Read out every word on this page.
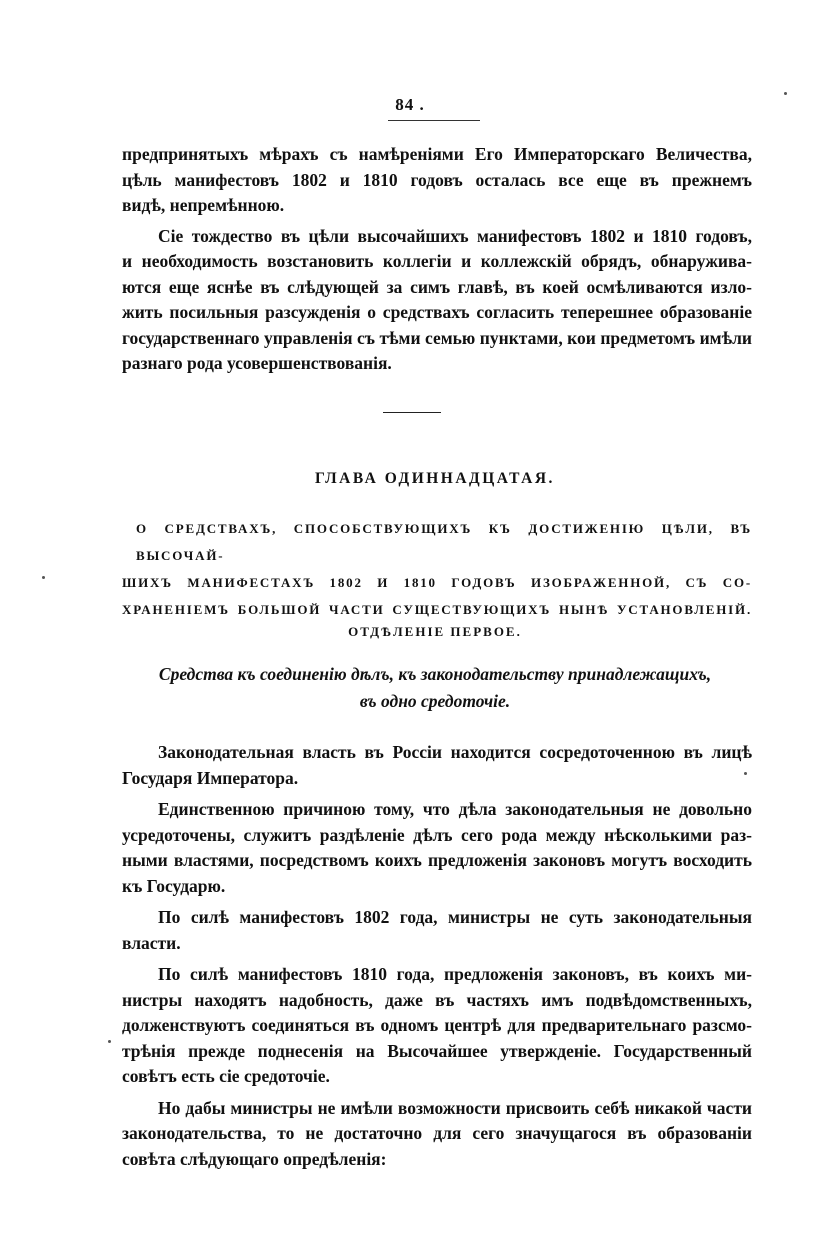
84 .

предпринятыхъ мѣрахъ съ намѣреніями Его Императорскаго Величества,
цѣль манифестовъ 1802 и 1810 годовъ осталась все еще въ прежнемъ
видѣ, непремѣнною.

Сіе тождество въ цѣли высочайшихъ манифестовъ 1802 и 1810 годовъ,
и необходимость возстановить коллегіи и коллежскій обрядъ, обнаружива-
ются еще яснѣе въ слѣдующей за симъ главѣ, въ коей осмѣливаются изло-
жить посильныя разсужденія о средствахъ согласить теперешнее образованіе
государственнаго управленія съ тѣми семью пунктами, кои предметомъ имѣли
разнаго рода усовершенствованія.

ГЛАВА ОДИННАДЦАТАЯ.
О СРЕДСТВАХЪ, СПОСОБСТВУЮЩИХЪ КЪ ДОСТИЖЕНІЮ ЦѢЛИ, ВЪ ВЫСОЧАЙ-
ШИХЪ МАНИФЕСТАХЪ 1802 И 1810 ГОДОВЪ ИЗОБРАЖЕННОЙ, СЪ СО-
ХРАНЕНІЕМЪ БОЛЬШОЙ ЧАСТИ СУЩЕСТВУЮЩИХЪ НЫНѢ УСТАНОВЛЕНІЙ.
ОТДѢЛЕНІЕ ПЕРВОЕ.
Средства къ соединенію дѣлъ, къ законодательству принадлежащихъ,
въ одно средоточіе.

Законодательная власть въ Россіи находится сосредоточенною въ лицѣ
Государя Императора.

Единственною причиною тому, что дѣла законодательныя не довольно
усредоточены, служитъ раздѣленіе дѣлъ сего рода между нѣсколькими раз-
ными властями, посредствомъ коихъ предложенія законовъ могутъ восходить
къ Государю.

По силѣ манифестовъ 1802 года, министры не суть законодательныя
власти.

По силѣ манифестовъ 1810 года, предложенія законовъ, въ коихъ ми-
нистры находятъ надобность, даже въ частяхъ имъ подвѣдомственныхъ,
долженствуютъ соединяться въ одномъ центрѣ для предварительнаго разсмо-
трѣнія прежде поднесенія на Высочайшее утвержденіе. Государственный
совѣтъ есть сіе средоточіе.

Но дабы министры не имѣли возможности присвоить себѣ никакой части
законодательства, то не достаточно для сего значущагося въ образованіи
совѣта слѣдующаго опредѣленія:
